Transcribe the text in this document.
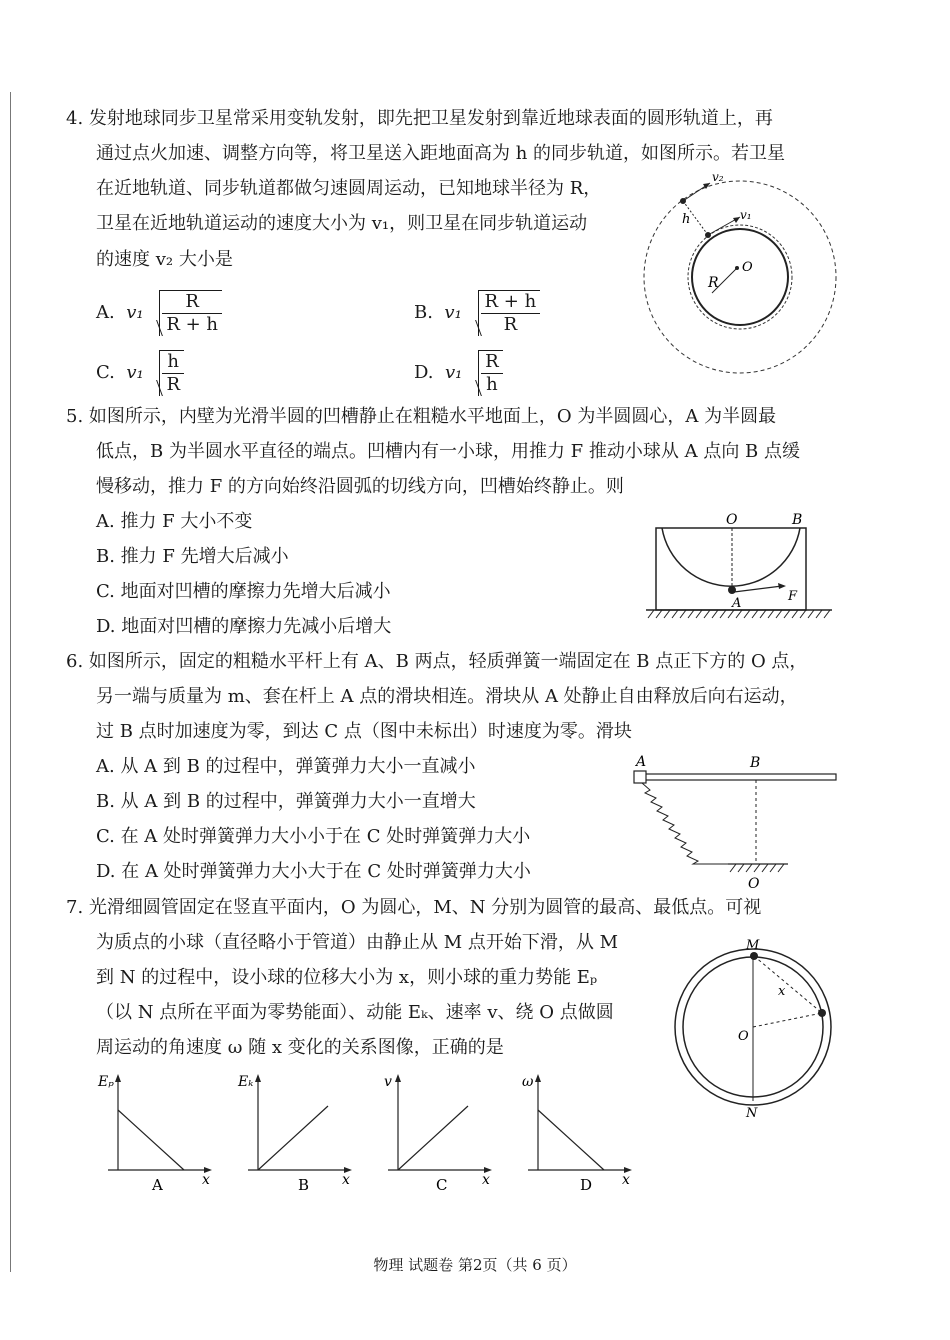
4. 发射地球同步卫星常采用变轨发射，即先把卫星发射到靠近地球表面的圆形轨道上，再
通过点火加速、调整方向等，将卫星送入距地面高为 h 的同步轨道，如图所示。若卫星
在近地轨道、同步轨道都做匀速圆周运动，已知地球半径为 R，
卫星在近地轨道运动的速度大小为 v₁，则卫星在同步轨道运动
的速度 v₂ 大小是
A. $v_1 \frac{R}{R + h}$	B. $v_1 \frac{R + h}{R}$
C. $v_1 \frac{h}{R}$	D. $v_1 \frac{R}{h}$
v₂
v₁
h
R
O
5. 如图所示，内壁为光滑半圆的凹槽静止在粗糙水平地面上，O 为半圆圆心，A 为半圆最
低点，B 为半圆水平直径的端点。凹槽内有一小球，用推力 F 推动小球从 A 点向 B 点缓
慢移动，推力 F 的方向始终沿圆弧的切线方向，凹槽始终静止。则
A. 推力 F 大小不变
B. 推力 F 先增大后减小
C. 地面对凹槽的摩擦力先增大后减小
D. 地面对凹槽的摩擦力先减小后增大
O	B
A	F
6. 如图所示，固定的粗糙水平杆上有 A、B 两点，轻质弹簧一端固定在 B 点正下方的 O 点，
另一端与质量为 m、套在杆上 A 点的滑块相连。滑块从 A 处静止自由释放后向右运动，
过 B 点时加速度为零，到达 C 点（图中未标出）时速度为零。滑块
A. 从 A 到 B 的过程中，弹簧弹力大小一直减小
B. 从 A 到 B 的过程中，弹簧弹力大小一直增大
C. 在 A 处时弹簧弹力大小小于在 C 处时弹簧弹力大小
D. 在 A 处时弹簧弹力大小大于在 C 处时弹簧弹力大小
A	B
O
7. 光滑细圆管固定在竖直平面内，O 为圆心，M、N 分别为圆管的最高、最低点。可视
为质点的小球（直径略小于管道）由静止从 M 点开始下滑，从 M
到 N 的过程中，设小球的位移大小为 x，则小球的重力势能 Eₚ
（以 N 点所在平面为零势能面）、动能 Eₖ、速率 v、绕 O 点做圆
周运动的角速度 ω 随 x 变化的关系图像，正确的是
M
x
O
N
Eₚ
x
A
Eₖ
x
B
v
x
C
ω
x
D
物理 试题卷 第2页（共 6 页）
